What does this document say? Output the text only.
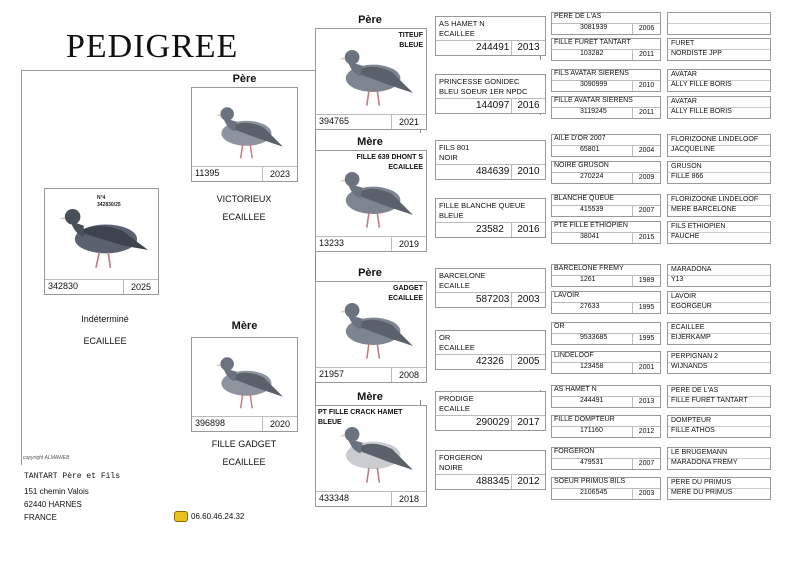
PEDIGREE
N°4
342830/25
342830	2025
Indéterminé
ECAILLEE
Père
11395	2023
VICTORIEUX
ECAILLEE
Mère
396898	2020
FILLE GADGET
ECAILLEE
Père
TITEUF
BLEUE
394765	2021
Mère
FILLE 639 DHONT S
ECAILLEE
13233	2019
Père
GADGET
ECAILLEE
21957	2008
Mère
PT FILLE CRACK HAMET
BLEUE
433348	2018
AS HAMET N
ECAILLEE
244491 2013
PRINCESSE GONIDEC
BLEU SOEUR 1ER NPDC
144097 2016
FILS 801
NOIR
484639 2010
FILLE BLANCHE QUEUE
BLEUE
23582	2016
BARCELONE
ECAILLE
587203 2003
OR
ECAILLEE
42326	2005
PRODIGE
ECAILLE
290029 2017
FORGERON
NOIRE
488345 2012
PERE DE L'AS
3081939	2006
FILLE FURET TANTART
103282	2011
FILS AVATAR SIERENS
3090999	2010
FILLE AVATAR SIERENS
3119245	2011
AILE D'OR 2007
65801	2004
NOIRE GRUSON
270224	2009
BLANCHE QUEUE
415539	2007
PTE FILLE ETHIOPIEN
38041	2015
BARCELONE FREMY
1261	1989
LAVOIR
27633	1995
OR
9533685	1995
LINDELOOF
123458	2001
AS HAMET N
244491	2013
FILLE DOMPTEUR
171160	2012
FORGERON
479531	2007
SOEUR PRIMUS BILS
2106545	2003
FURET
NORDISTE JPP
AVATAR
ALLY FILLE BORIS
AVATAR
ALLY FILLE BORIS
FLORIZOONE LINDELOOF
JACQUELINE
GRUSON
FILLE 866
FLORIZOONE LINDELOOF
MERE BARCELONE
FILS ETHIOPIEN
FAUCHE
MARADONA
Y13
LAVOIR
EGORGEUR
ECAILLEE
EIJERKAMP
PERPIGNAN 2
WIJNANDS
PERE DE L'AS
FILLE FURET TANTART
DOMPTEUR
FILLE ATHOS
LE BRUGEMANN
MARADONA FREMY
PERE DU PRIMUS
MERE DU PRIMUS
copyright ALMAWEB
TANTART Père et Fils
151 chemin Valois
62440 HARNES
FRANCE	06.60.46.24.32
